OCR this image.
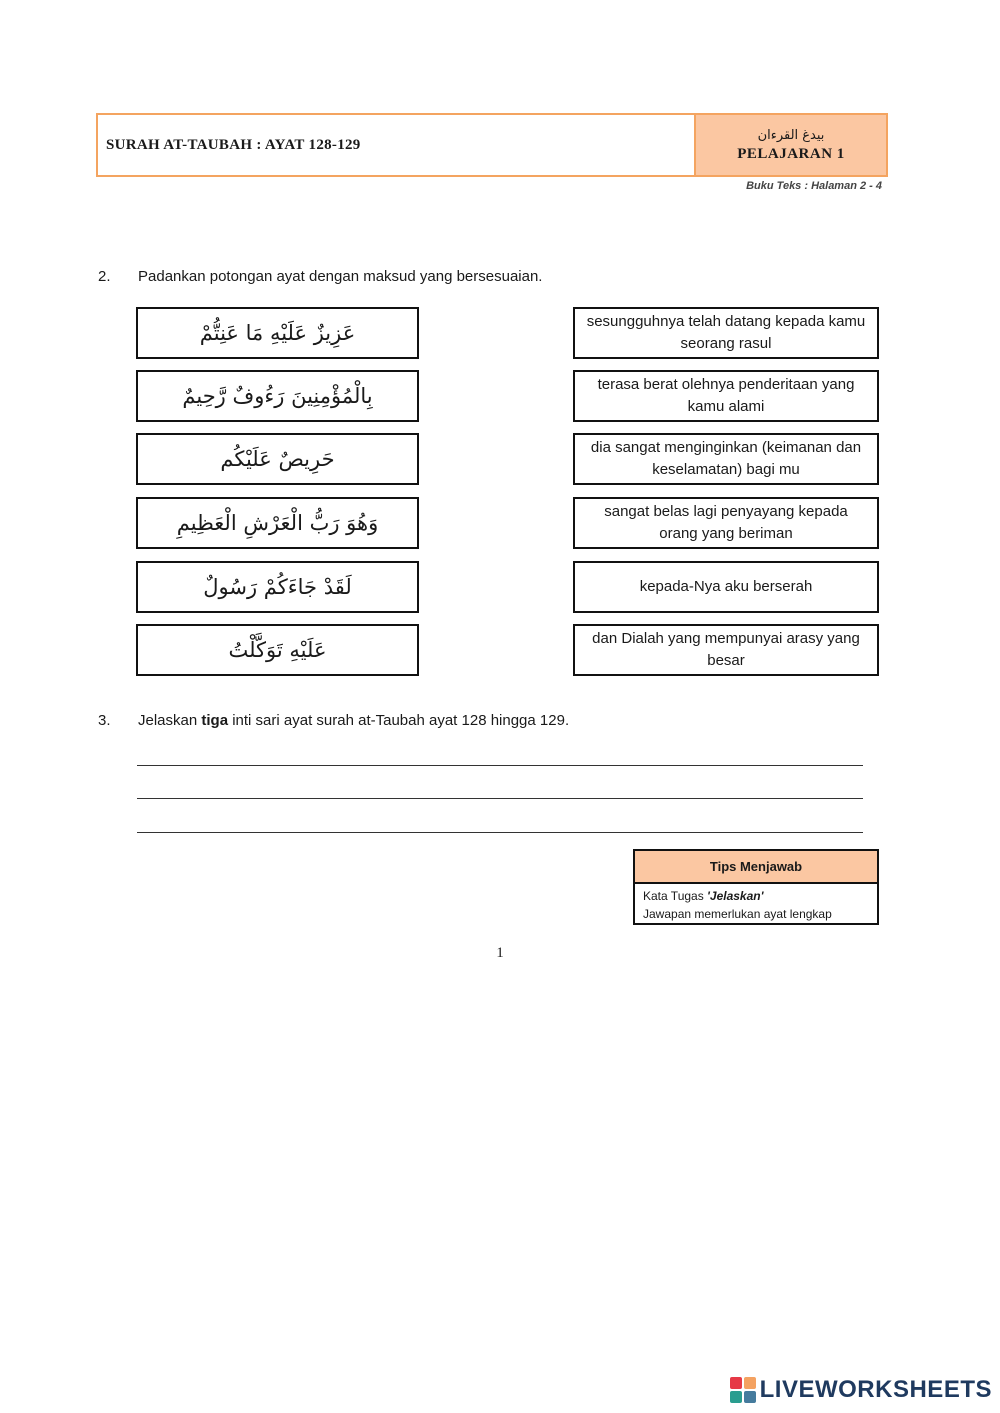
SURAH AT-TAUBAH : AYAT 128-129
بيدغ القرءان
PELAJARAN 1
Buku Teks : Halaman 2 - 4
2. Padankan potongan ayat dengan maksud yang bersesuaian.
عَزِيزٌ عَلَيْهِ مَا عَنِتُّمْ
بِالْمُؤْمِنِينَ رَءُوفٌ رَّحِيمٌ
حَرِيصٌ عَلَيْكُم
وَهُوَ رَبُّ الْعَرْشِ الْعَظِيمِ
لَقَدْ جَاءَكُمْ رَسُولٌ
عَلَيْهِ تَوَكَّلْتُ
sesungguhnya telah datang kepada kamu seorang rasul
terasa berat olehnya penderitaan yang kamu alami
dia sangat menginginkan (keimanan dan keselamatan) bagi mu
sangat belas lagi penyayang kepada orang yang beriman
kepada-Nya aku berserah
dan Dialah yang mempunyai arasy yang besar
3. Jelaskan tiga inti sari ayat surah at-Taubah ayat 128 hingga 129.
Tips Menjawab
Kata Tugas 'Jelaskan'
Jawapan memerlukan ayat lengkap
1
LIVEWORKSHEETS
